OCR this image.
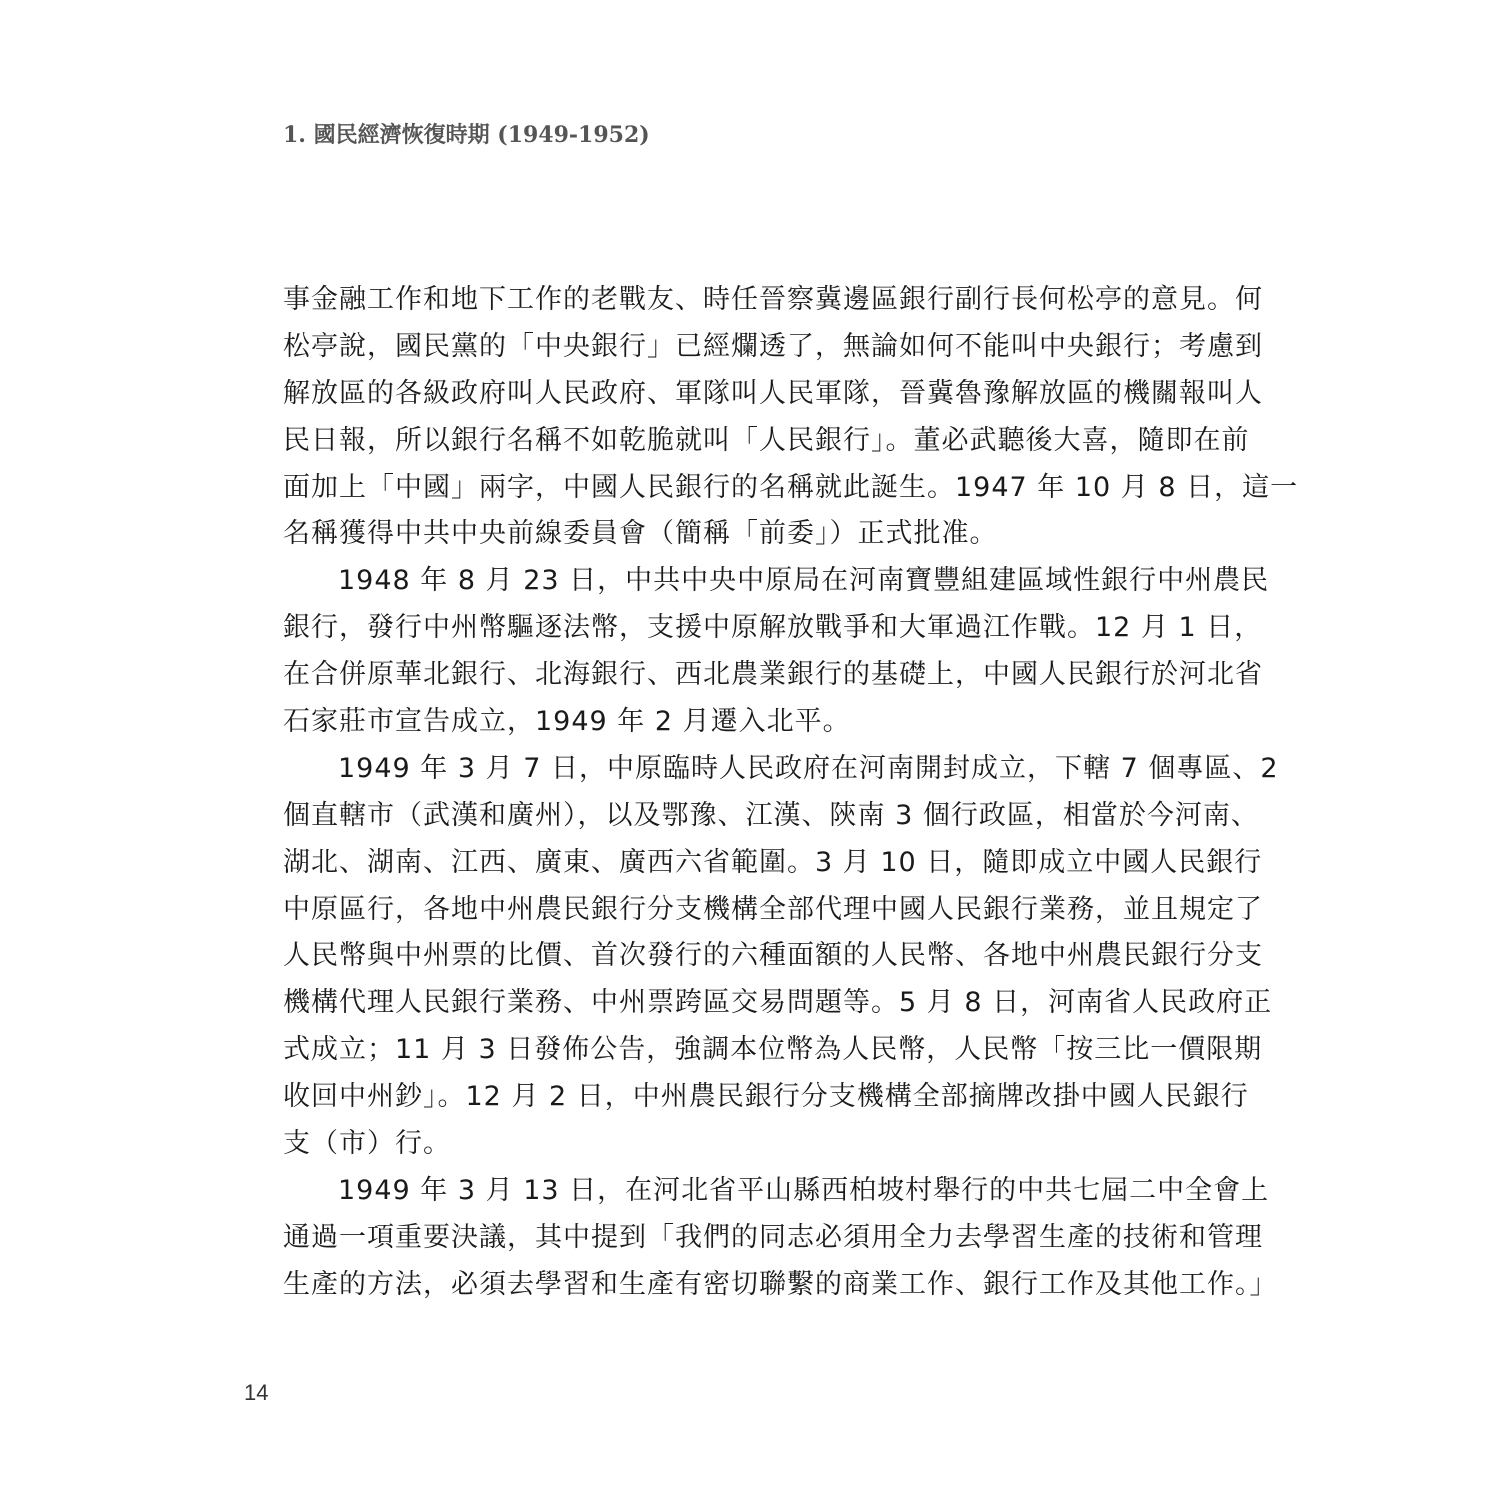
1. 國民經濟恢復時期 (1949-1952)
事金融工作和地下工作的老戰友、時任晉察冀邊區銀行副行長何松亭的意見。何
松亭說，國民黨的「中央銀行」已經爛透了，無論如何不能叫中央銀行；考慮到
解放區的各級政府叫人民政府、軍隊叫人民軍隊，晉冀魯豫解放區的機關報叫人
民日報，所以銀行名稱不如乾脆就叫「人民銀行」。董必武聽後大喜，隨即在前
面加上「中國」兩字，中國人民銀行的名稱就此誕生。1947 年 10 月 8 日，這一
名稱獲得中共中央前線委員會（簡稱「前委」）正式批准。
1948 年 8 月 23 日，中共中央中原局在河南寶豐組建區域性銀行中州農民
銀行，發行中州幣驅逐法幣，支援中原解放戰爭和大軍過江作戰。12 月 1 日，
在合併原華北銀行、北海銀行、西北農業銀行的基礎上，中國人民銀行於河北省
石家莊市宣告成立，1949 年 2 月遷入北平。
1949 年 3 月 7 日，中原臨時人民政府在河南開封成立，下轄 7 個專區、2
個直轄市（武漢和廣州），以及鄂豫、江漢、陝南 3 個行政區，相當於今河南、
湖北、湖南、江西、廣東、廣西六省範圍。3 月 10 日，隨即成立中國人民銀行
中原區行，各地中州農民銀行分支機構全部代理中國人民銀行業務，並且規定了
人民幣與中州票的比價、首次發行的六種面額的人民幣、各地中州農民銀行分支
機構代理人民銀行業務、中州票跨區交易問題等。5 月 8 日，河南省人民政府正
式成立；11 月 3 日發佈公告，強調本位幣為人民幣，人民幣「按三比一價限期
收回中州鈔」。12 月 2 日，中州農民銀行分支機構全部摘牌改掛中國人民銀行
支（市）行。
1949 年 3 月 13 日，在河北省平山縣西柏坡村舉行的中共七屆二中全會上
通過一項重要決議，其中提到「我們的同志必須用全力去學習生產的技術和管理
生產的方法，必須去學習和生產有密切聯繫的商業工作、銀行工作及其他工作。」
14
